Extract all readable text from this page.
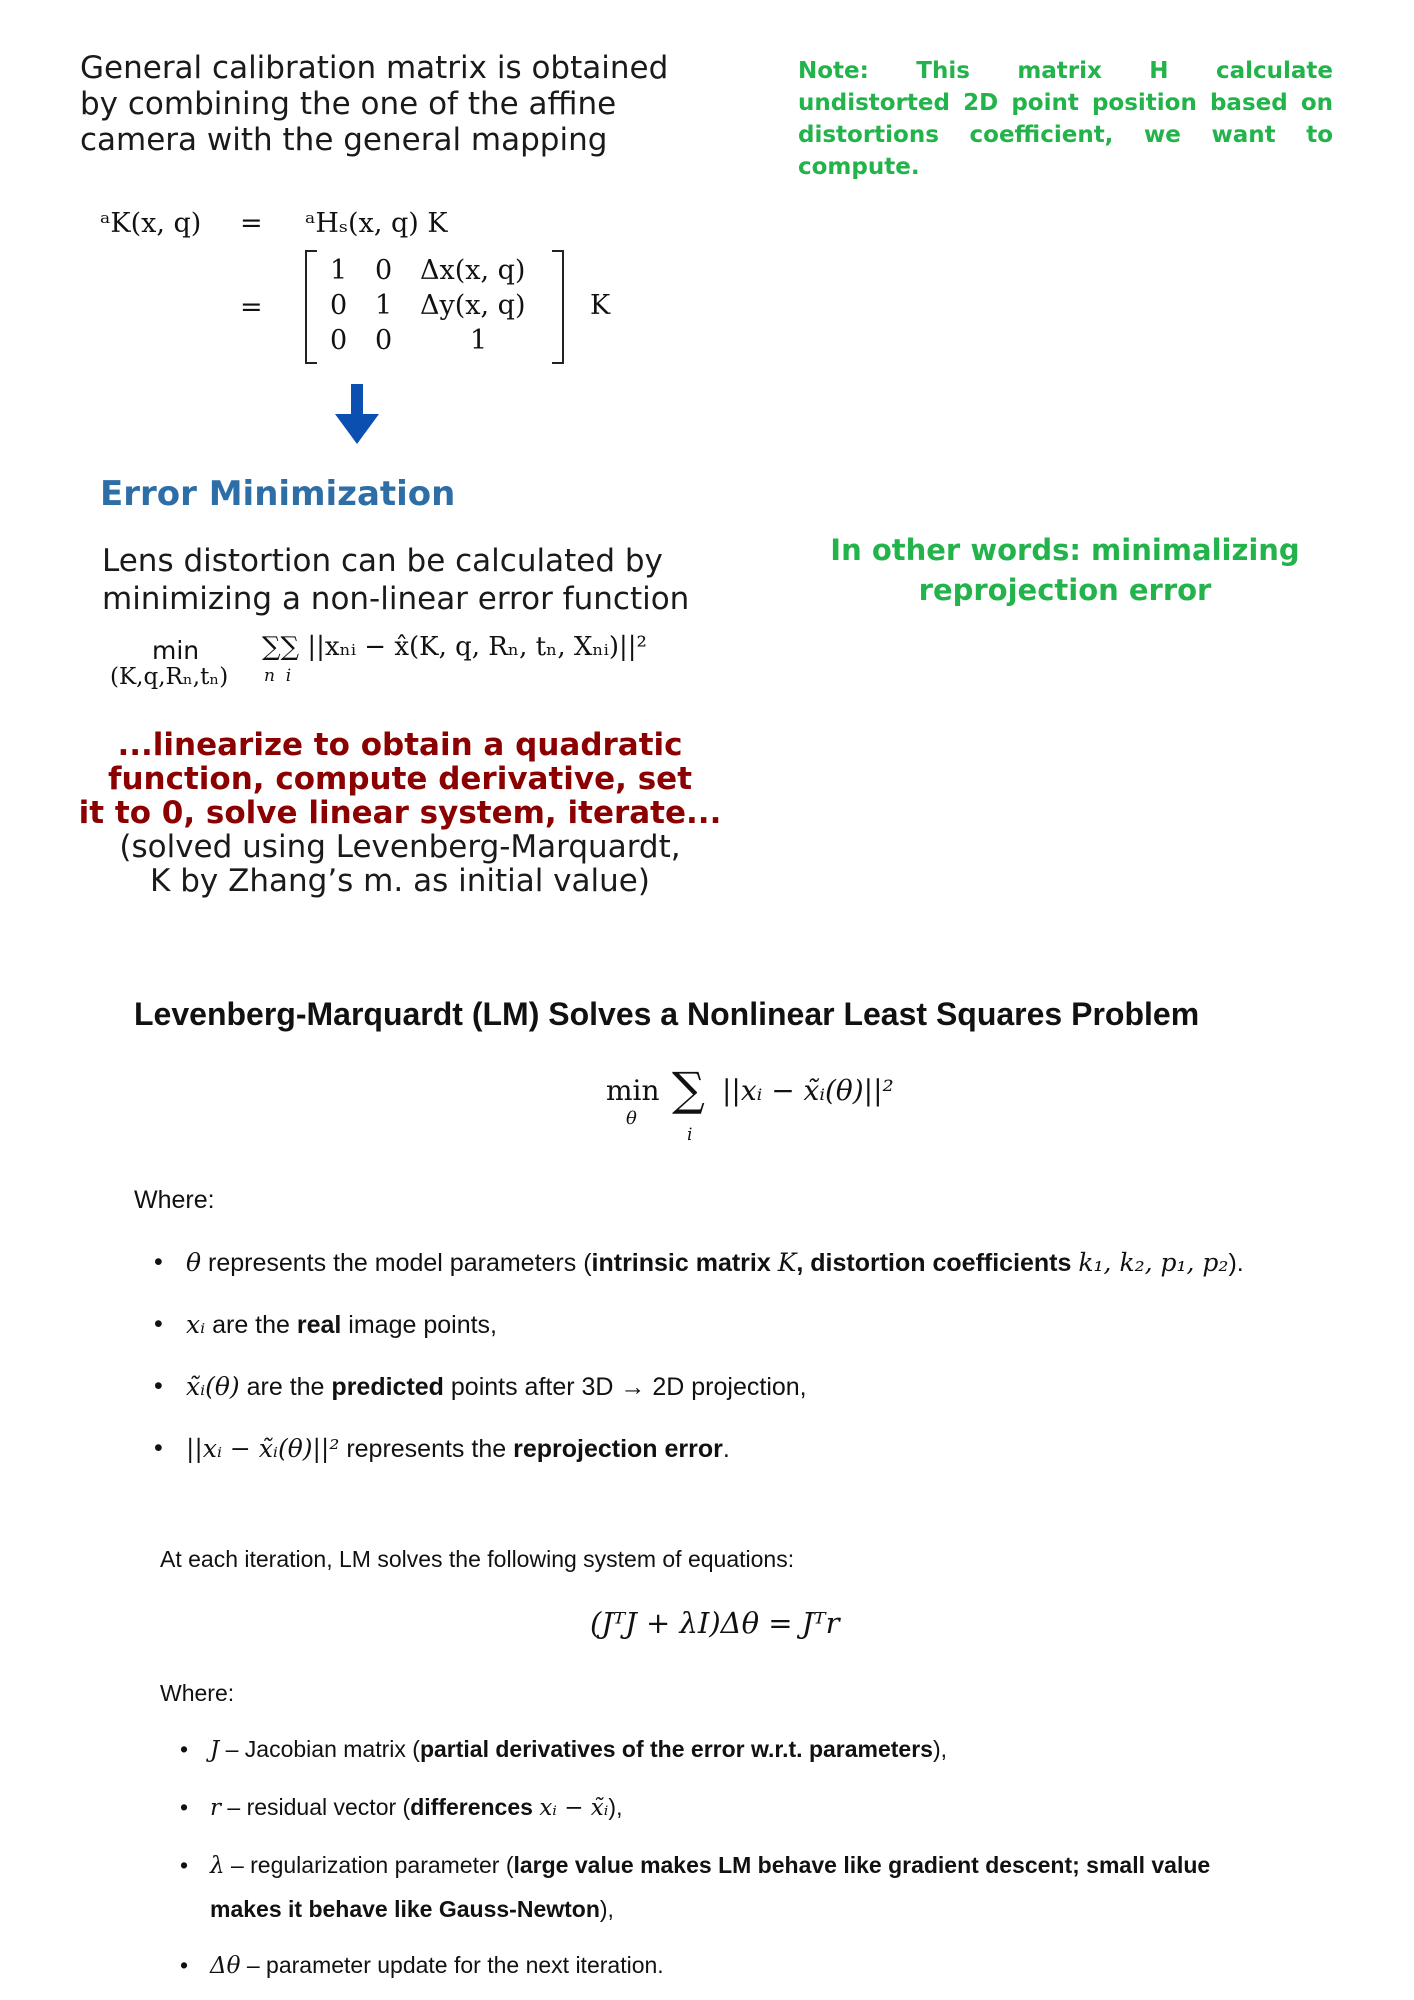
General calibration matrix is obtained
by combining the one of the affine
camera with the general mapping
Note: This matrix H calculate undistorted 2D point position based on distortions coefficient, we want to compute.
ᵃK(x, q) = ᵃHₛ(x, q) K
=
1 0 Δx(x, q)
0 1 Δy(x, q)
0 0	1
K
Error Minimization
Lens distortion can be calculated by
minimizing a non-linear error function
min
(K,q,Rₙ,tₙ)
∑∑ ||xₙᵢ − x̂(K, q, Rₙ, tₙ, Xₙᵢ)||²
n  i
In other words: minimalizing
reprojection error
...linearize to obtain a quadratic
function, compute derivative, set
it to 0, solve linear system, iterate...
(solved using Levenberg-Marquardt,
K by Zhang’s m. as initial value)
Levenberg-Marquardt (LM) Solves a Nonlinear Least Squares Problem
min
θ
∑
i
||xᵢ − x̃ᵢ(θ)||²
Where:
• θ represents the model parameters (intrinsic matrix K, distortion coefficients k₁, k₂, p₁, p₂).
• xᵢ are the real image points,
• x̃ᵢ(θ) are the predicted points after 3D → 2D projection,
• ||xᵢ − x̃ᵢ(θ)||² represents the reprojection error.
At each iteration, LM solves the following system of equations:
(JᵀJ + λI)Δθ = Jᵀr
Where:
• J – Jacobian matrix (partial derivatives of the error w.r.t. parameters),
• r – residual vector (differences xᵢ − x̃ᵢ),
• λ – regularization parameter (large value makes LM behave like gradient descent; small value
makes it behave like Gauss-Newton),
• Δθ – parameter update for the next iteration.
